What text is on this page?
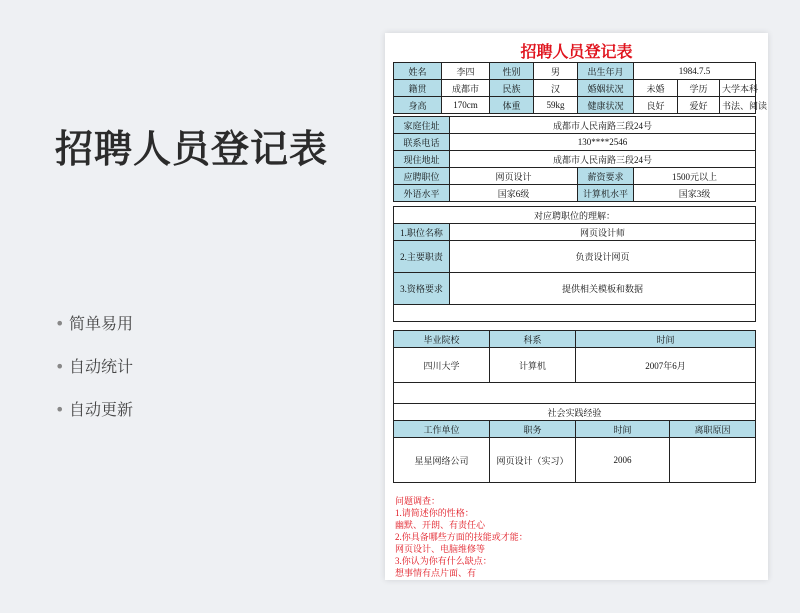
招聘人员登记表
• 简单易用
• 自动统计
• 自动更新
招聘人员登记表
姓名	李四	性别	男	出生年月	1984.7.5		
籍贯	成都市	民族	汉	婚姻状况	未婚	学历	大学本科
身高	170cm	体重	59kg	健康状况	良好	爱好	书法、阅读
家庭住址	成都市人民南路三段24号		
联系电话	130****2546		
现住地址	成都市人民南路三段24号		
应聘职位	网页设计	薪资要求	1500元以上
外语水平	国家6级	计算机水平	国家3级
对应聘职位的理解：	
1.职位名称	网页设计师
2.主要职责	负责设计网页
3.资格要求	提供相关模板和数据

毕业院校	科系	时间
四川大学	计算机	2007年6月

社会实践经验			
工作单位	职务	时间	离职原因
星星网络公司	网页设计（实习）	2006	
问题调查：
1.请简述你的性格：
幽默、开朗、有责任心
2.你具备哪些方面的技能或才能：
网页设计、电脑维修等
3.你认为你有什么缺点：
想事情有点片面、有
